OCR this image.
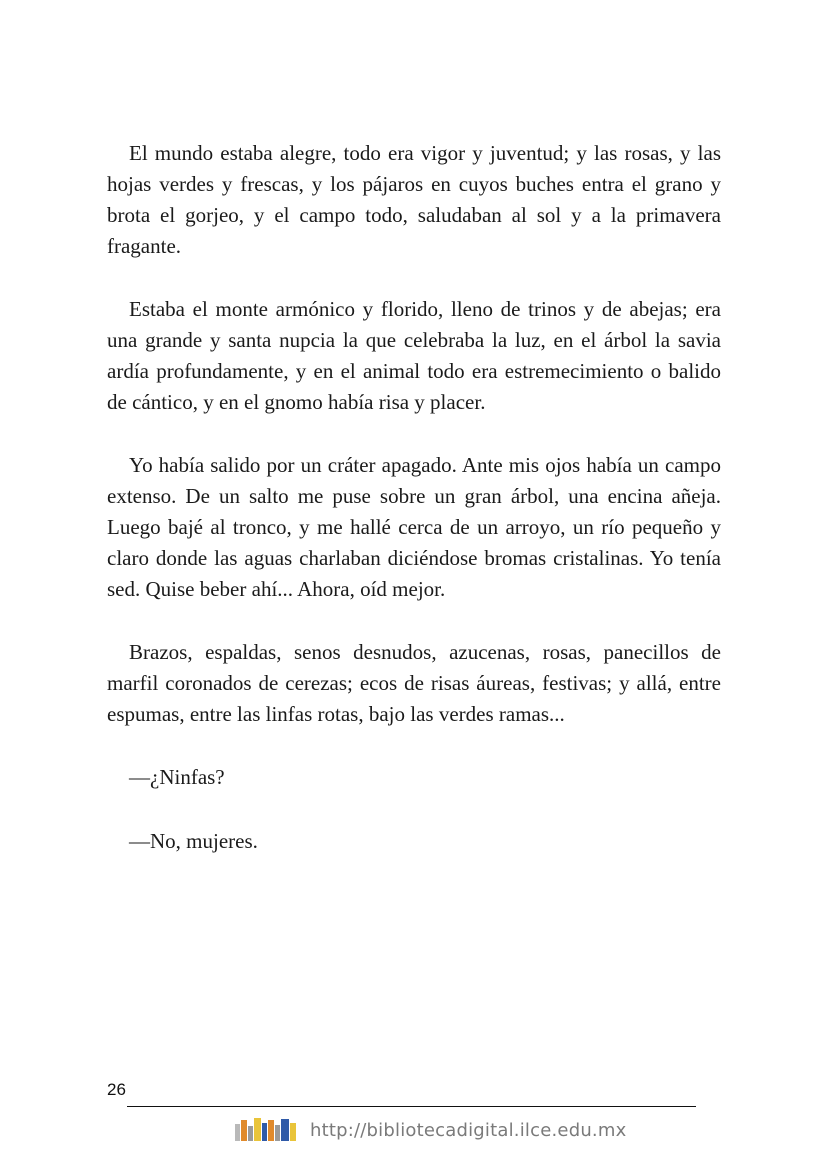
El mundo estaba alegre, todo era vigor y juventud; y las rosas, y las hojas verdes y frescas, y los pájaros en cuyos buches entra el grano y brota el gorjeo, y el campo todo, saludaban al sol y a la primavera fragante.

Estaba el monte armónico y florido, lleno de trinos y de abejas; era una grande y santa nupcia la que celebraba la luz, en el árbol la savia ardía profundamente, y en el animal todo era estremecimiento o balido de cántico, y en el gnomo había risa y placer.

Yo había salido por un cráter apagado. Ante mis ojos había un campo extenso. De un salto me puse sobre un gran árbol, una encina añeja. Luego bajé al tronco, y me hallé cerca de un arroyo, un río pequeño y claro donde las aguas charlaban diciéndose bromas cristalinas. Yo tenía sed. Quise beber ahí... Ahora, oíd mejor.

Brazos, espaldas, senos desnudos, azucenas, rosas, panecillos de marfil coronados de cerezas; ecos de risas áureas, festivas; y allá, entre espumas, entre las linfas rotas, bajo las verdes ramas...

—¿Ninfas?

—No, mujeres.

26
http://bibliotecadigital.ilce.edu.mx
